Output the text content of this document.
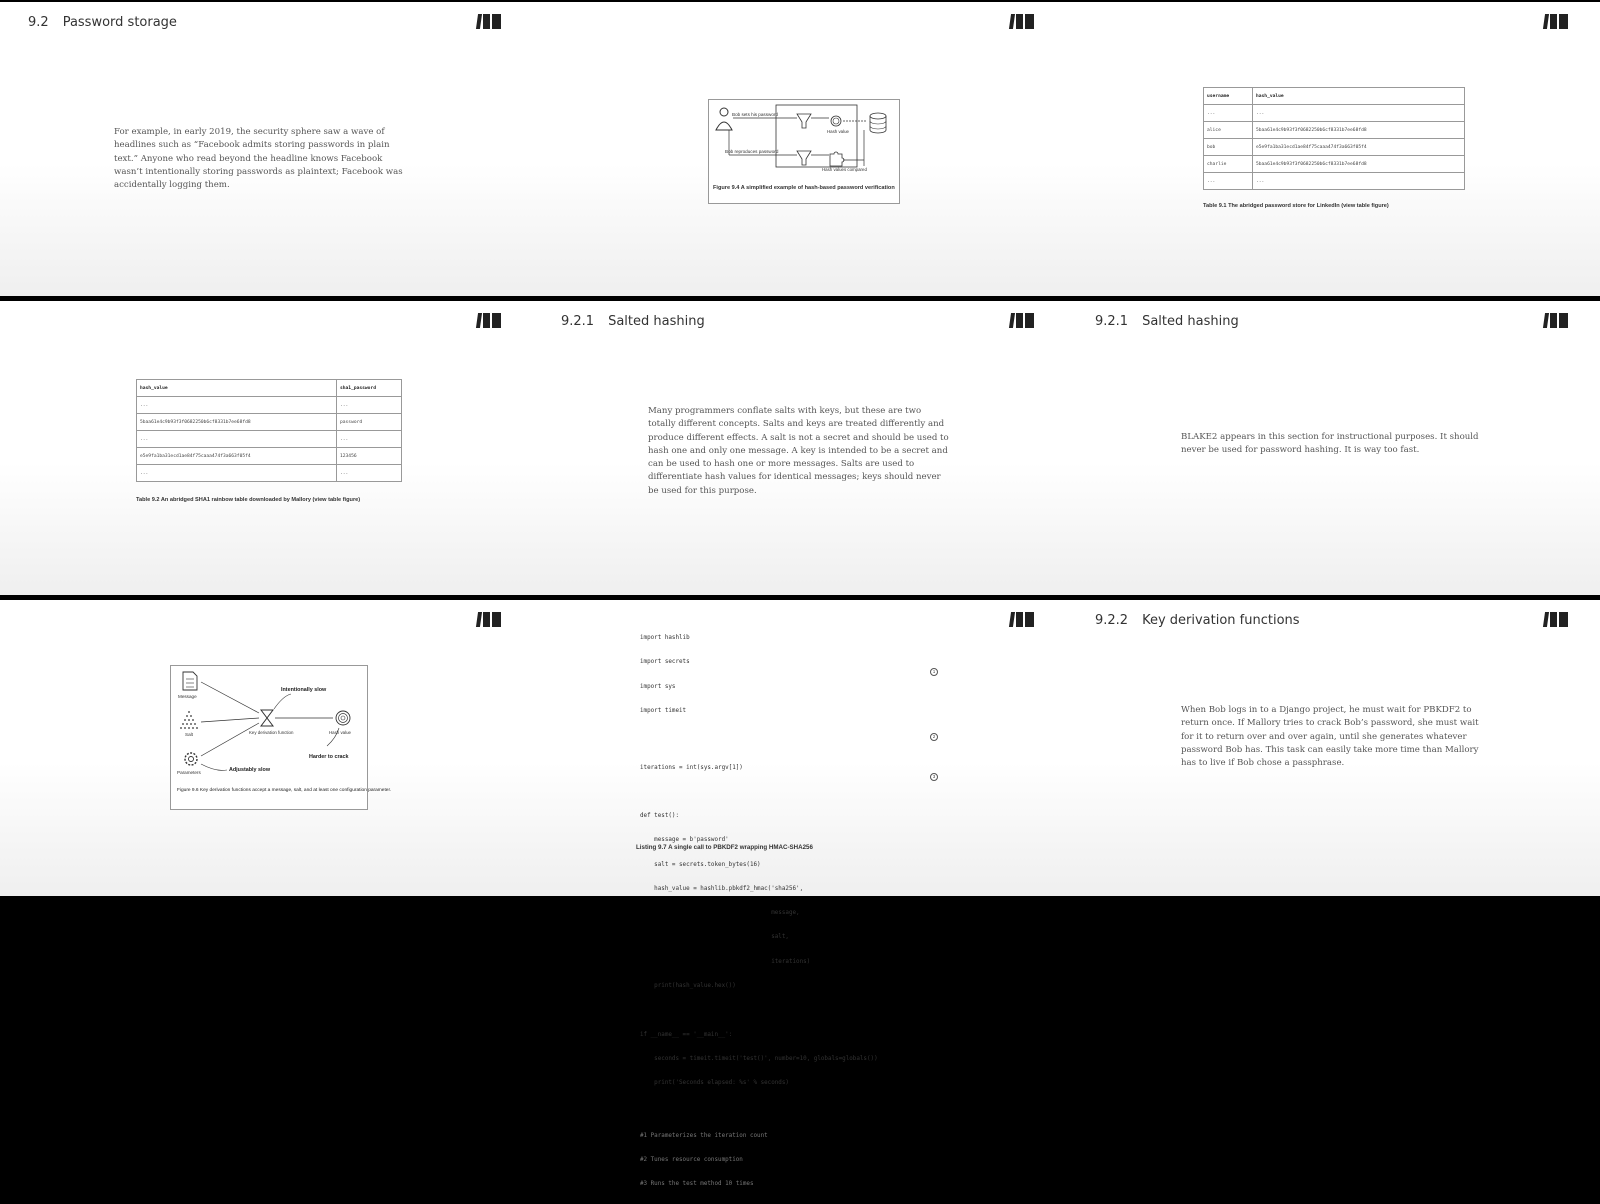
9.2 Password storage
For example, in early 2019, the security sphere saw a wave of headlines such as “Facebook admits storing passwords in plain text.” Anyone who read beyond the headline knows Facebook wasn’t intentionally storing passwords as plaintext; Facebook was accidentally logging them.
Bob sets his password
Hash value
Bob reproduces password
Hash values compared
Figure 9.4 A simplified example of hash-based password verification
username	hash_value
...	...
alice	5baa61e4c9b93f3f0682250b6cf8331b7ee68fd8
bob	e5e9fa1ba31ecd1ae84f75caaa474f3a663f05f4
charlie	5baa61e4c9b93f3f0682250b6cf8331b7ee68fd8
...	...
Table 9.1 The abridged password store for LinkedIn (view table figure)
hash_value	sha1_password
...	...
5baa61e4c9b93f3f0682250b6cf8331b7ee68fd8	password
...	...
e5e9fa1ba31ecd1ae84f75caaa474f3a663f05f4	123456
...	...
Table 9.2 An abridged SHA1 rainbow table downloaded by Mallory (view table figure)
9.2.1 Salted hashing
Many programmers conflate salts with keys, but these are two totally different concepts. Salts and keys are treated differently and produce different effects. A salt is not a secret and should be used to hash one and only one message. A key is intended to be a secret and can be used to hash one or more messages. Salts are used to differentiate hash values for identical messages; keys should never be used for this purpose.
9.2.1 Salted hashing
BLAKE2 appears in this section for instructional purposes. It should never be used for password hashing. It is way too fast.
Message
Salt
Parameters
Key derivation function	Hash value
Intentionally slow
Adjustably slow
Harder to crack
Figure 9.6 Key derivation functions accept a message, salt, and at least one configuration parameter.

import hashlib

import secrets

import sys

import timeit

iterations = int(sys.argv[1])

def test():

message = b'password'

salt = secrets.token_bytes(16)

hash_value = hashlib.pbkdf2_hmac('sha256',

message,

salt,

iterations)

print(hash_value.hex())

if __name__ == '__main__':

seconds = timeit.timeit('test()', number=10, globals=globals())

print('Seconds elapsed: %s' % seconds)

#1 Parameterizes the iteration count

#2 Tunes resource consumption

#3 Runs the test method 10 times

1
2
3
Listing 9.7 A single call to PBKDF2 wrapping HMAC-SHA256
9.2.2 Key derivation functions
When Bob logs in to a Django project, he must wait for PBKDF2 to return once. If Mallory tries to crack Bob’s password, she must wait for it to return over and over again, until she generates whatever password Bob has. This task can easily take more time than Mallory has to live if Bob chose a passphrase.
